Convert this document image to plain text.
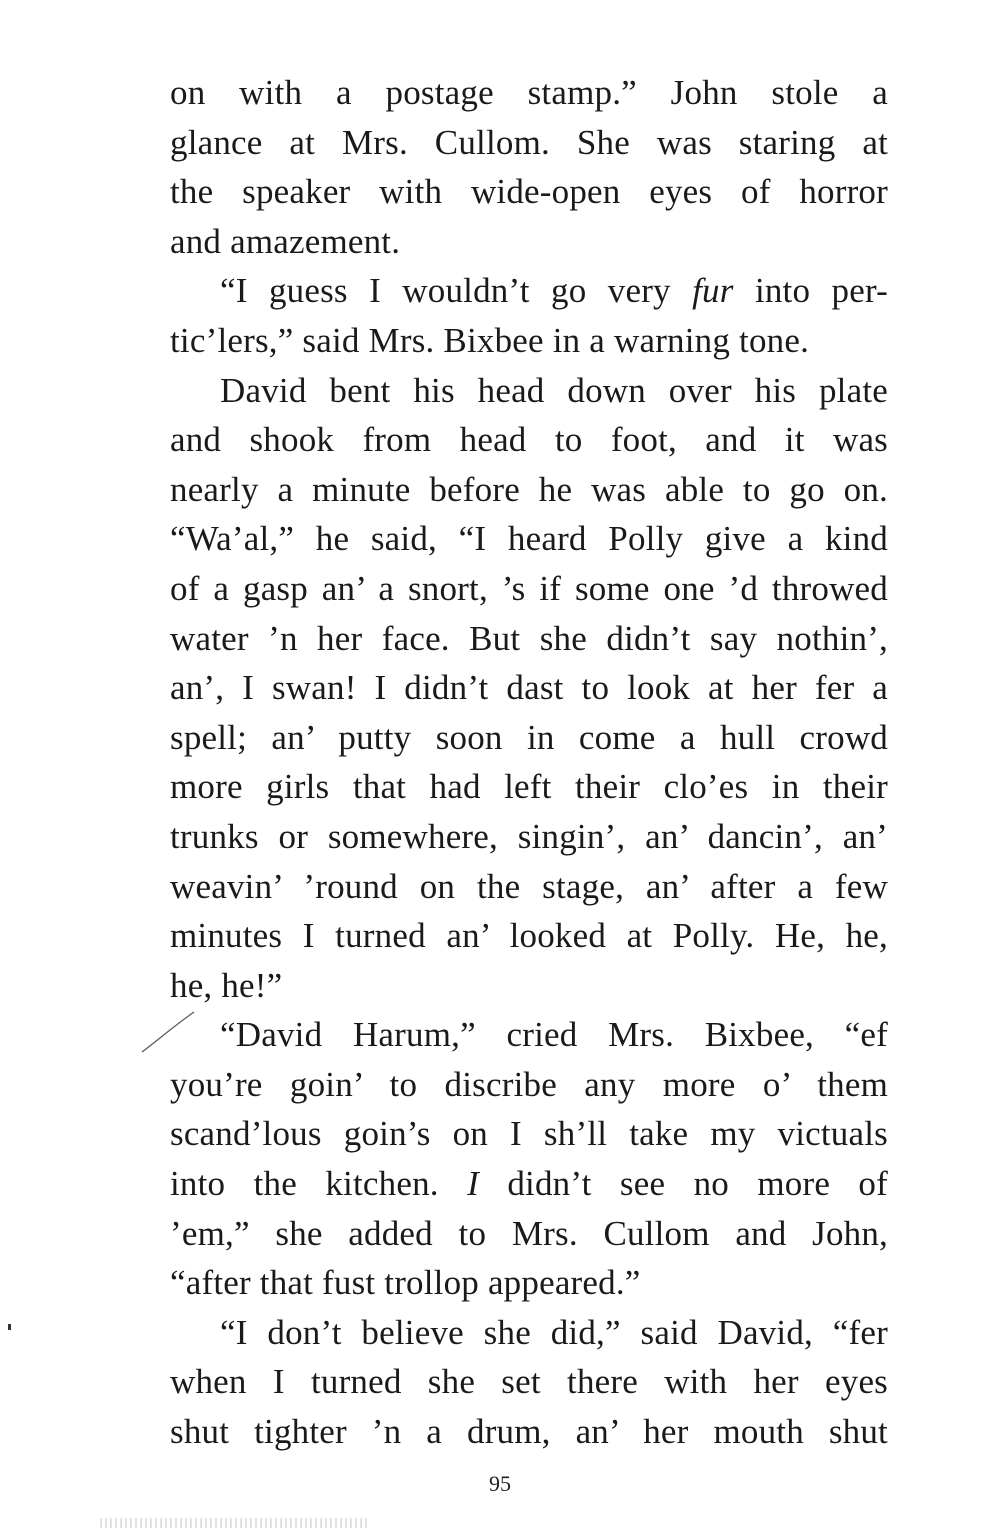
on with a postage stamp.” John stole a
glance at Mrs. Cullom. She was staring at
the speaker with wide-open eyes of horror
and amazement.
“I guess I wouldn’t go very fur into per-
tic’lers,” said Mrs. Bixbee in a warning tone.
David bent his head down over his plate
and shook from head to foot, and it was
nearly a minute before he was able to go on.
“Wa’al,” he said, “I heard Polly give a kind
of a gasp an’ a snort, ’s if some one ’d throwed
water ’n her face. But she didn’t say nothin’,
an’, I swan! I didn’t dast to look at her fer a
spell; an’ putty soon in come a hull crowd
more girls that had left their clo’es in their
trunks or somewhere, singin’, an’ dancin’, an’
weavin’ ’round on the stage, an’ after a few
minutes I turned an’ looked at Polly. He, he,
he, he!”
“David Harum,” cried Mrs. Bixbee, “ef
you’re goin’ to discribe any more o’ them
scand’lous goin’s on I sh’ll take my victuals
into the kitchen. I didn’t see no more of
’em,” she added to Mrs. Cullom and John,
“after that fust trollop appeared.”
“I don’t believe she did,” said David, “fer
when I turned she set there with her eyes
shut tighter ’n a drum, an’ her mouth shut
95
